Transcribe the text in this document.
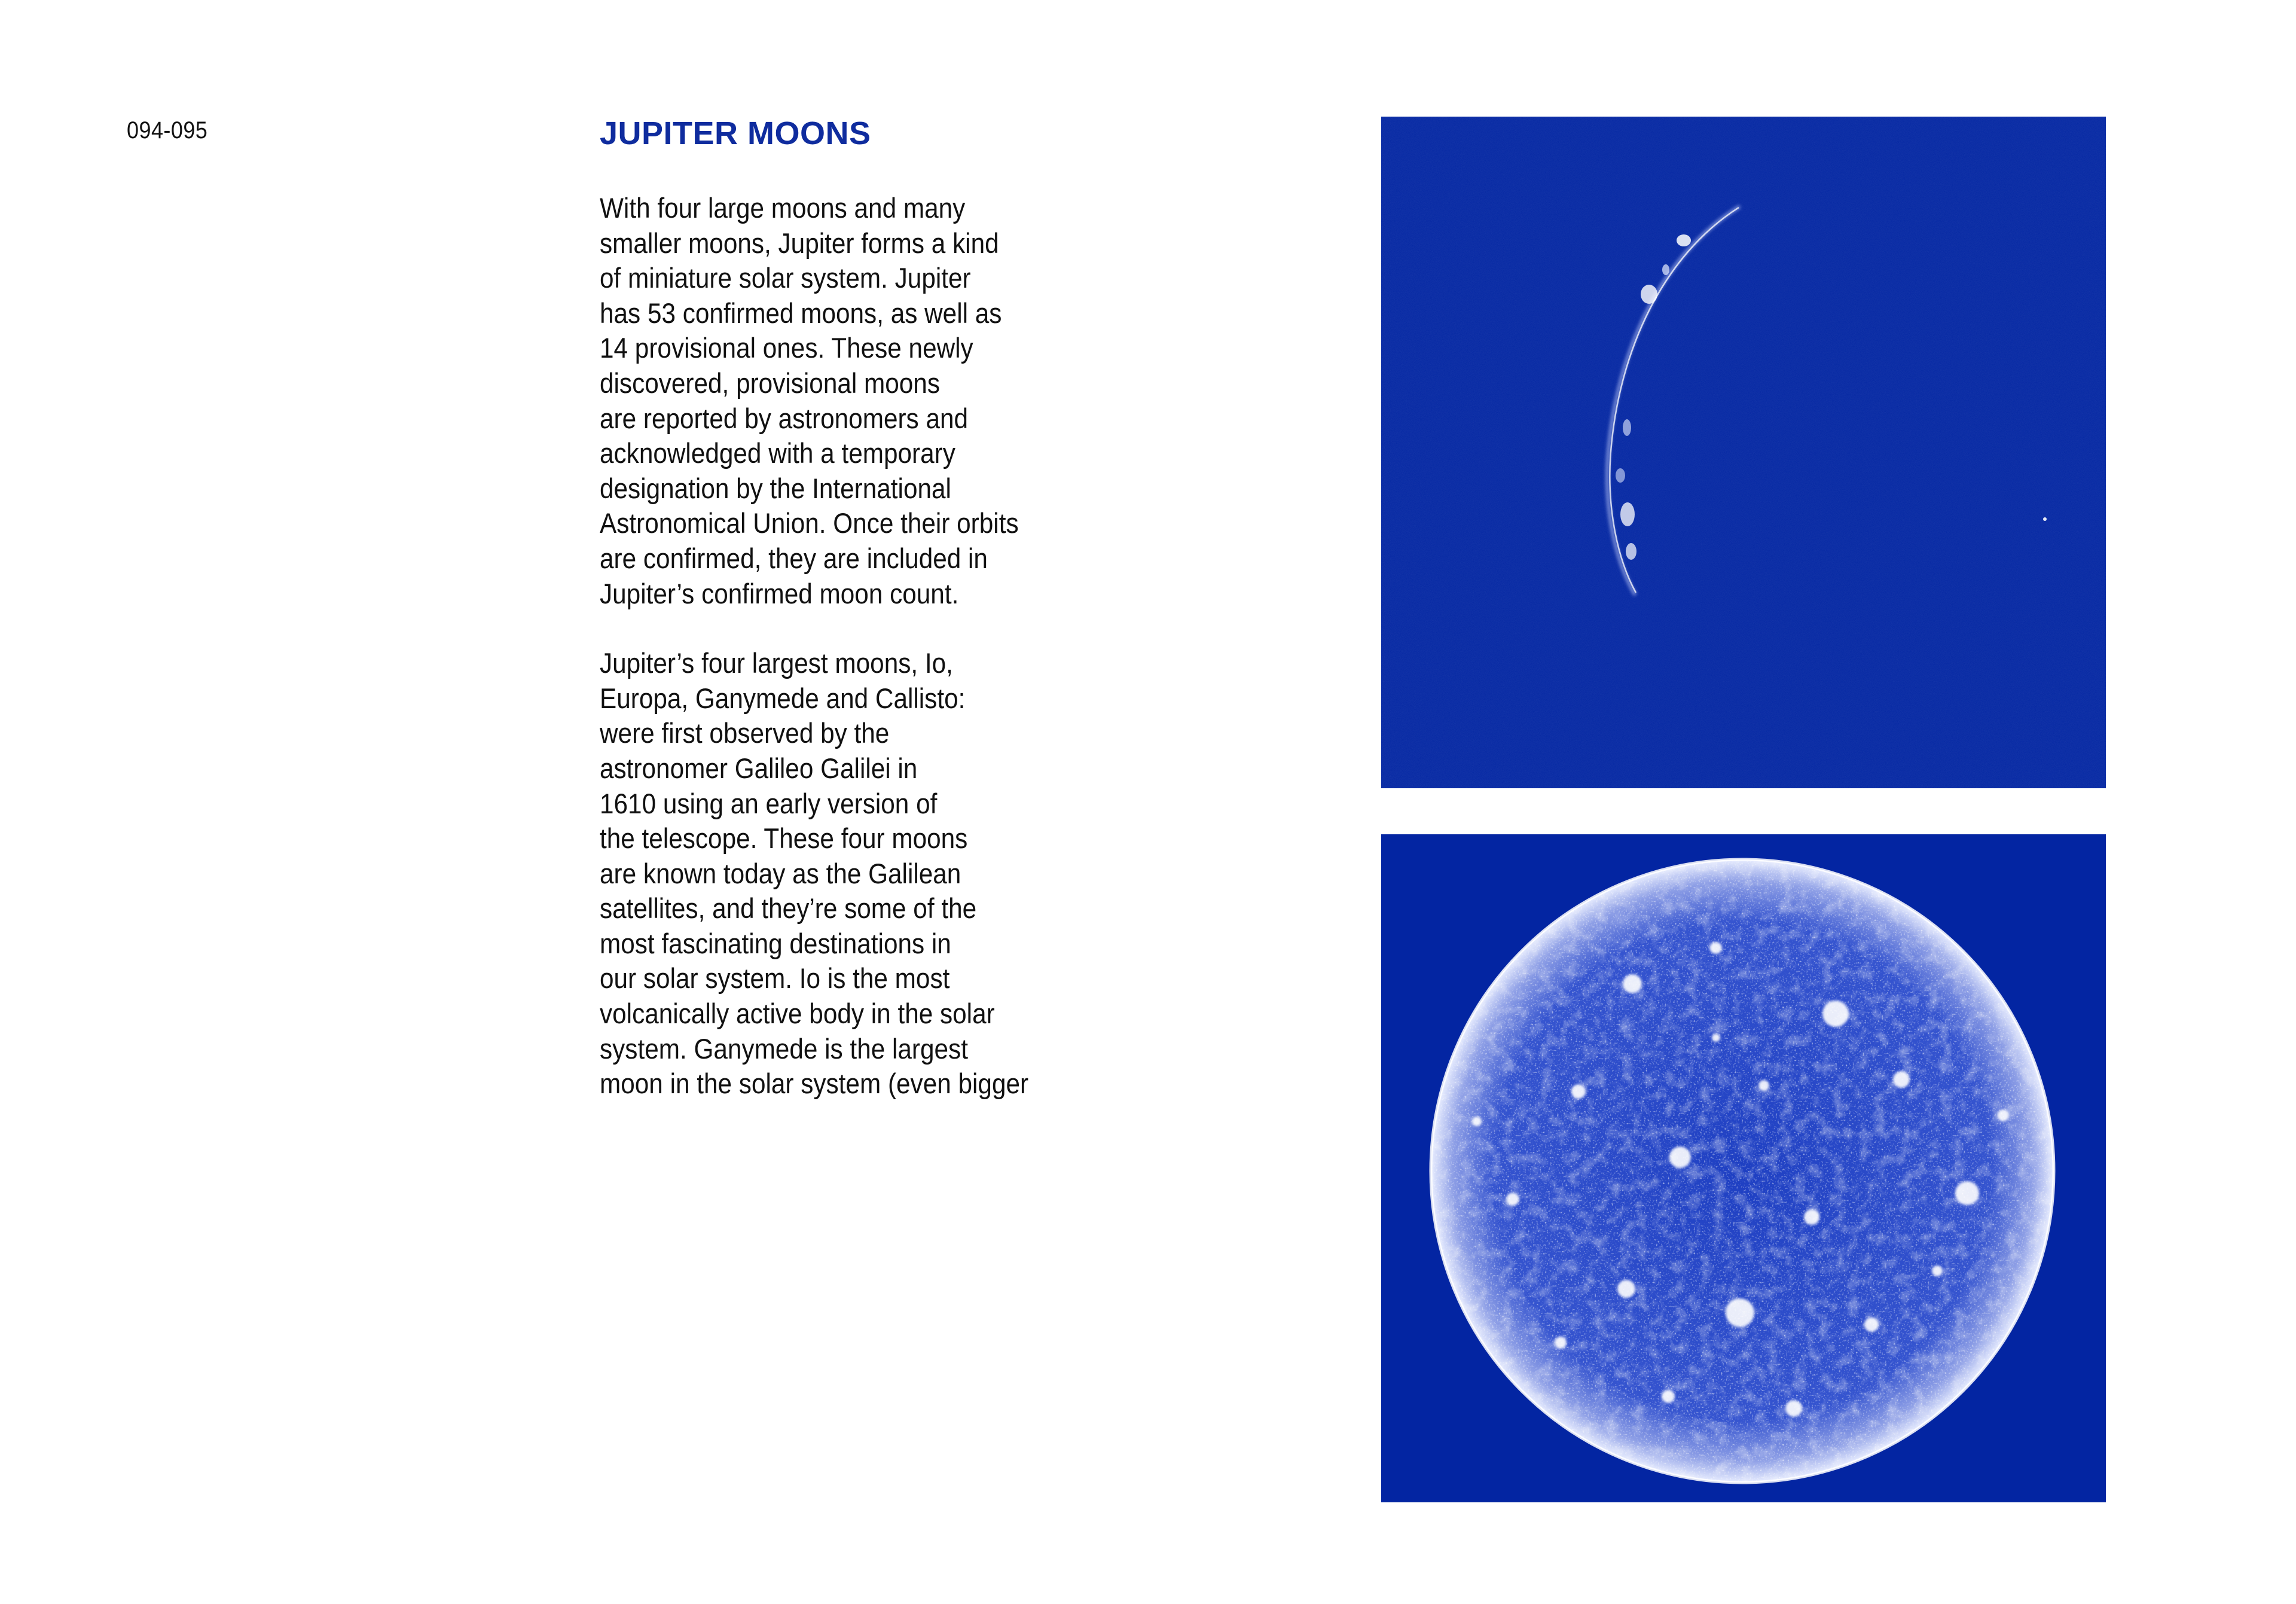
094-095	JUPITER MOONS

With four large moons and many
smaller moons, Jupiter forms a kind
of miniature solar system. Jupiter
has 53 confirmed moons, as well as
14 provisional ones. These newly
discovered, provisional moons
are reported by astronomers and
acknowledged with a temporary
designation by the International
Astronomical Union. Once their orbits
are confirmed, they are included in
Jupiter’s confirmed moon count.

Jupiter’s four largest moons, Io,
Europa, Ganymede and Callisto:
were first observed by the
astronomer Galileo Galilei in
1610 using an early version of
the telescope. These four moons
are known today as the Galilean
satellites, and they’re some of the
most fascinating destinations in
our solar system. Io is the most
volcanically active body in the solar
system. Ganymede is the largest
moon in the solar system (even bigger
